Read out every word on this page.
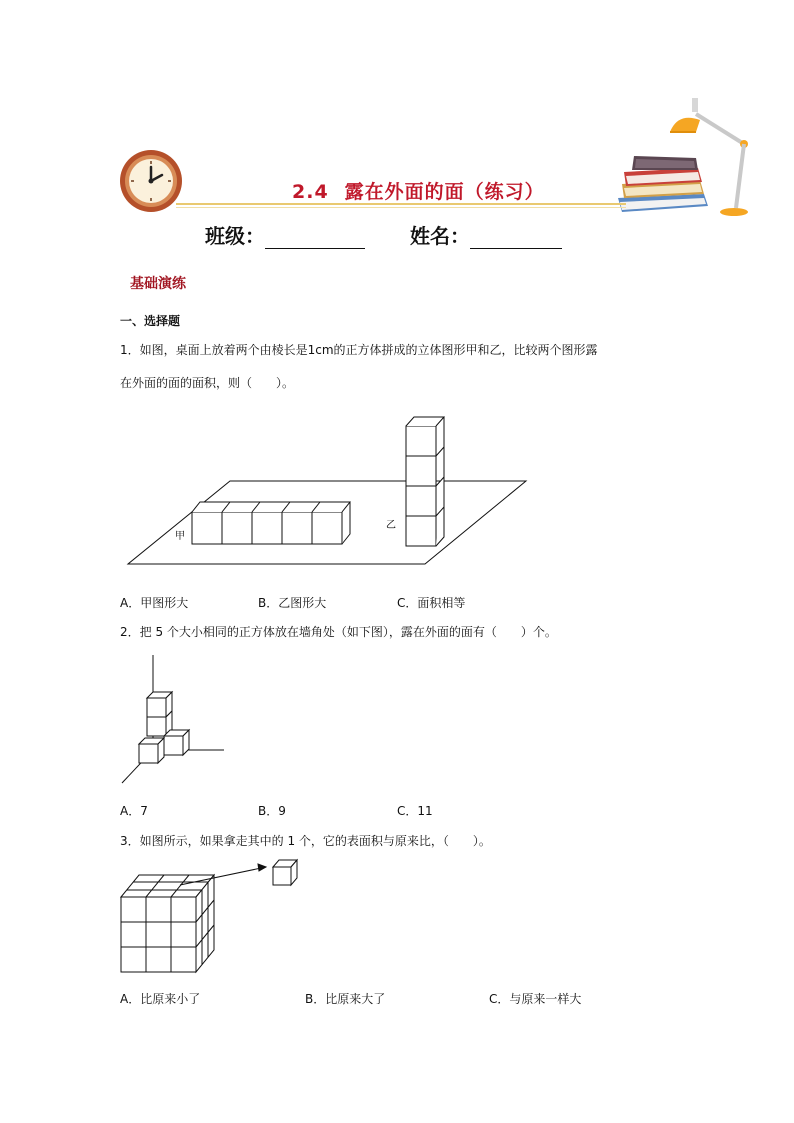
2.4 露在外面的面（练习）
班级：	姓名：
基础演练
一、选择题
1．如图，桌面上放着两个由棱长是1cm的正方体拼成的立体图形甲和乙，比较两个图形露
在外面的面的面积，则（　　）。
甲
乙
A．甲图形大	B．乙图形大	C．面积相等
2．把 5 个大小相同的正方体放在墙角处（如下图），露在外面的面有（　　）个。
A．7	B．9	C．11
3．如图所示，如果拿走其中的 1 个，它的表面积与原来比，（　　）。
A．比原来小了	B．比原来大了	C．与原来一样大
